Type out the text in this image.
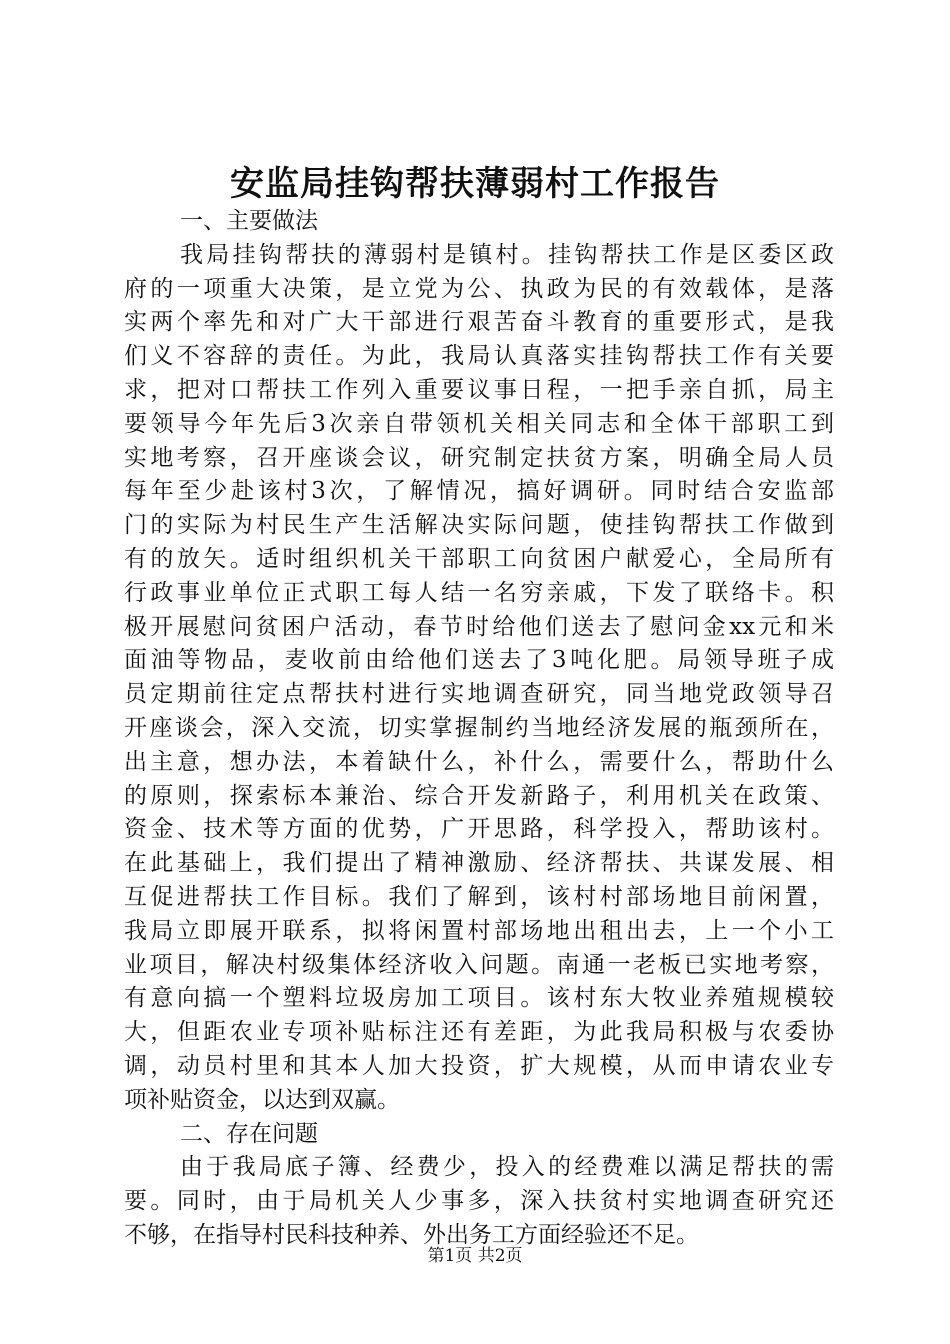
安监局挂钩帮扶薄弱村工作报告
一、主要做法
我局挂钩帮扶的薄弱村是镇村。挂钩帮扶工作是区委区政
府的一项重大决策，是立党为公、执政为民的有效载体，是落
实两个率先和对广大干部进行艰苦奋斗教育的重要形式，是我
们义不容辞的责任。为此，我局认真落实挂钩帮扶工作有关要
求，把对口帮扶工作列入重要议事日程，一把手亲自抓，局主
要领导今年先后3次亲自带领机关相关同志和全体干部职工到
实地考察，召开座谈会议，研究制定扶贫方案，明确全局人员
每年至少赴该村3次，了解情况，搞好调研。同时结合安监部
门的实际为村民生产生活解决实际问题，使挂钩帮扶工作做到
有的放矢。适时组织机关干部职工向贫困户献爱心，全局所有
行政事业单位正式职工每人结一名穷亲戚，下发了联络卡。积
极开展慰问贫困户活动，春节时给他们送去了慰问金xx元和米
面油等物品，麦收前由给他们送去了3吨化肥。局领导班子成
员定期前往定点帮扶村进行实地调查研究，同当地党政领导召
开座谈会，深入交流，切实掌握制约当地经济发展的瓶颈所在，
出主意，想办法，本着缺什么，补什么，需要什么，帮助什么
的原则，探索标本兼治、综合开发新路子，利用机关在政策、
资金、技术等方面的优势，广开思路，科学投入，帮助该村。
在此基础上，我们提出了精神激励、经济帮扶、共谋发展、相
互促进帮扶工作目标。我们了解到，该村村部场地目前闲置，
我局立即展开联系，拟将闲置村部场地出租出去，上一个小工
业项目，解决村级集体经济收入问题。南通一老板已实地考察，
有意向搞一个塑料垃圾房加工项目。该村东大牧业养殖规模较
大，但距农业专项补贴标注还有差距，为此我局积极与农委协
调，动员村里和其本人加大投资，扩大规模，从而申请农业专
项补贴资金，以达到双赢。
二、存在问题
由于我局底子簿、经费少，投入的经费难以满足帮扶的需
要。同时，由于局机关人少事多，深入扶贫村实地调查研究还
不够，在指导村民科技种养、外出务工方面经验还不足。
第1页 共2页
